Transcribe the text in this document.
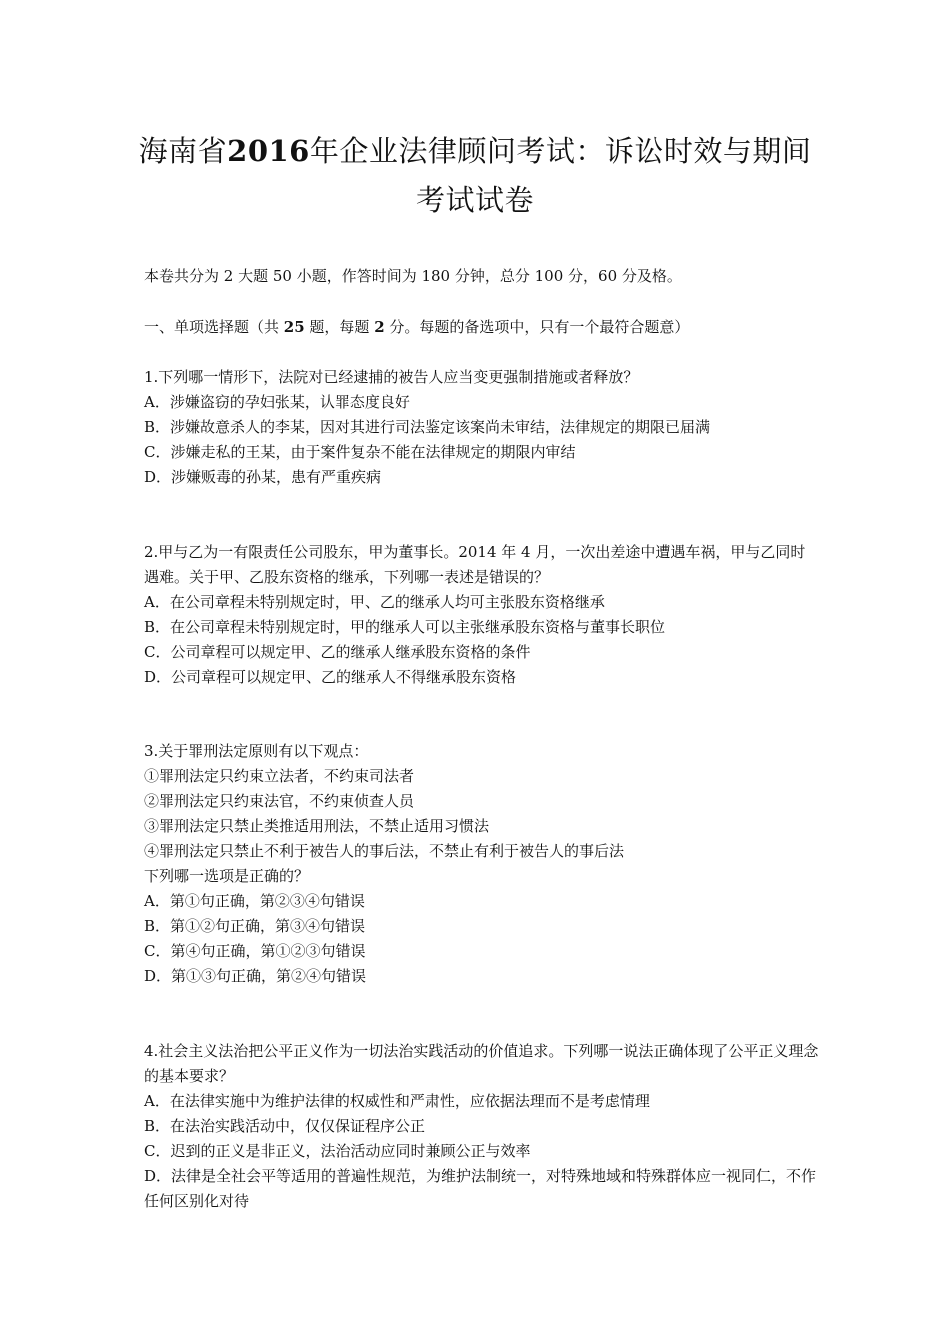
海南省2016年企业法律顾问考试：诉讼时效与期间
考试试卷
本卷共分为 2 大题 50 小题，作答时间为 180 分钟，总分 100 分，60 分及格。
一、单项选择题（共 25 题，每题 2 分。每题的备选项中，只有一个最符合题意）
1.下列哪一情形下，法院对已经逮捕的被告人应当变更强制措施或者释放？
A．涉嫌盗窃的孕妇张某，认罪态度良好
B．涉嫌故意杀人的李某，因对其进行司法鉴定该案尚未审结，法律规定的期限已届满
C．涉嫌走私的王某，由于案件复杂不能在法律规定的期限内审结
D．涉嫌贩毒的孙某，患有严重疾病
2.甲与乙为一有限责任公司股东，甲为董事长。2014 年 4 月，一次出差途中遭遇车祸，甲与乙同时遇难。关于甲、乙股东资格的继承，下列哪一表述是错误的？
A．在公司章程未特别规定时，甲、乙的继承人均可主张股东资格继承
B．在公司章程未特别规定时，甲的继承人可以主张继承股东资格与董事长职位
C．公司章程可以规定甲、乙的继承人继承股东资格的条件
D．公司章程可以规定甲、乙的继承人不得继承股东资格
3.关于罪刑法定原则有以下观点：
①罪刑法定只约束立法者，不约束司法者
②罪刑法定只约束法官，不约束侦查人员
③罪刑法定只禁止类推适用刑法，不禁止适用习惯法
④罪刑法定只禁止不利于被告人的事后法，不禁止有利于被告人的事后法
下列哪一选项是正确的？
A．第①句正确，第②③④句错误
B．第①②句正确，第③④句错误
C．第④句正确，第①②③句错误
D．第①③句正确，第②④句错误
4.社会主义法治把公平正义作为一切法治实践活动的价值追求。下列哪一说法正确体现了公平正义理念的基本要求？
A．在法律实施中为维护法律的权威性和严肃性，应依据法理而不是考虑情理
B．在法治实践活动中，仅仅保证程序公正
C．迟到的正义是非正义，法治活动应同时兼顾公正与效率
D．法律是全社会平等适用的普遍性规范，为维护法制统一，对特殊地域和特殊群体应一视同仁，不作任何区别化对待
